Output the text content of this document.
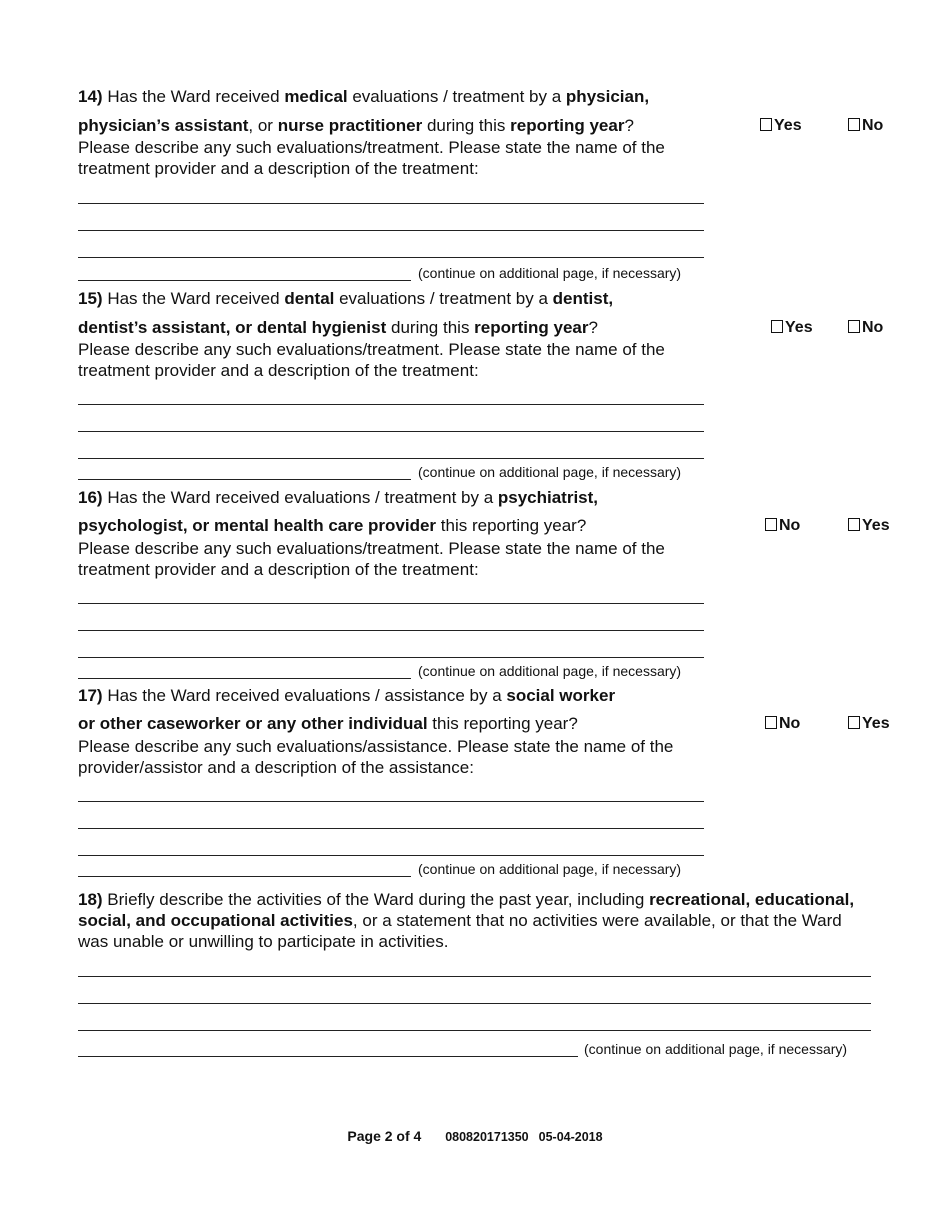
14) Has the Ward received medical evaluations / treatment by a physician,

physician’s assistant, or nurse practitioner during this reporting year?

Please describe any such evaluations/treatment. Please state the name of the treatment provider and a description of the treatment:

Yes	No
(continue on additional page, if necessary)

15) Has the Ward received dental evaluations / treatment by a dentist,

dentist’s assistant, or dental hygienist during this reporting year?

Please describe any such evaluations/treatment. Please state the name of the treatment provider and a description of the treatment:

Yes	No
(continue on additional page, if necessary)

16) Has the Ward received evaluations / treatment by a psychiatrist,

psychologist, or mental health care provider this reporting year?

Please describe any such evaluations/treatment. Please state the name of the treatment provider and a description of the treatment:

No	Yes
(continue on additional page, if necessary)

17) Has the Ward received evaluations / assistance by a social worker

or other caseworker or any other individual this reporting year?

Please describe any such evaluations/assistance. Please state the name of the provider/assistor and a description of the assistance:

No	Yes
(continue on additional page, if necessary)

18) Briefly describe the activities of the Ward during the past year, including recreational, educational, social, and occupational activities, or a statement that no activities were available, or that the Ward was unable or unwilling to participate in activities.

(continue on additional page, if necessary)
Page 2 of 4 080820171350 05-04-2018
